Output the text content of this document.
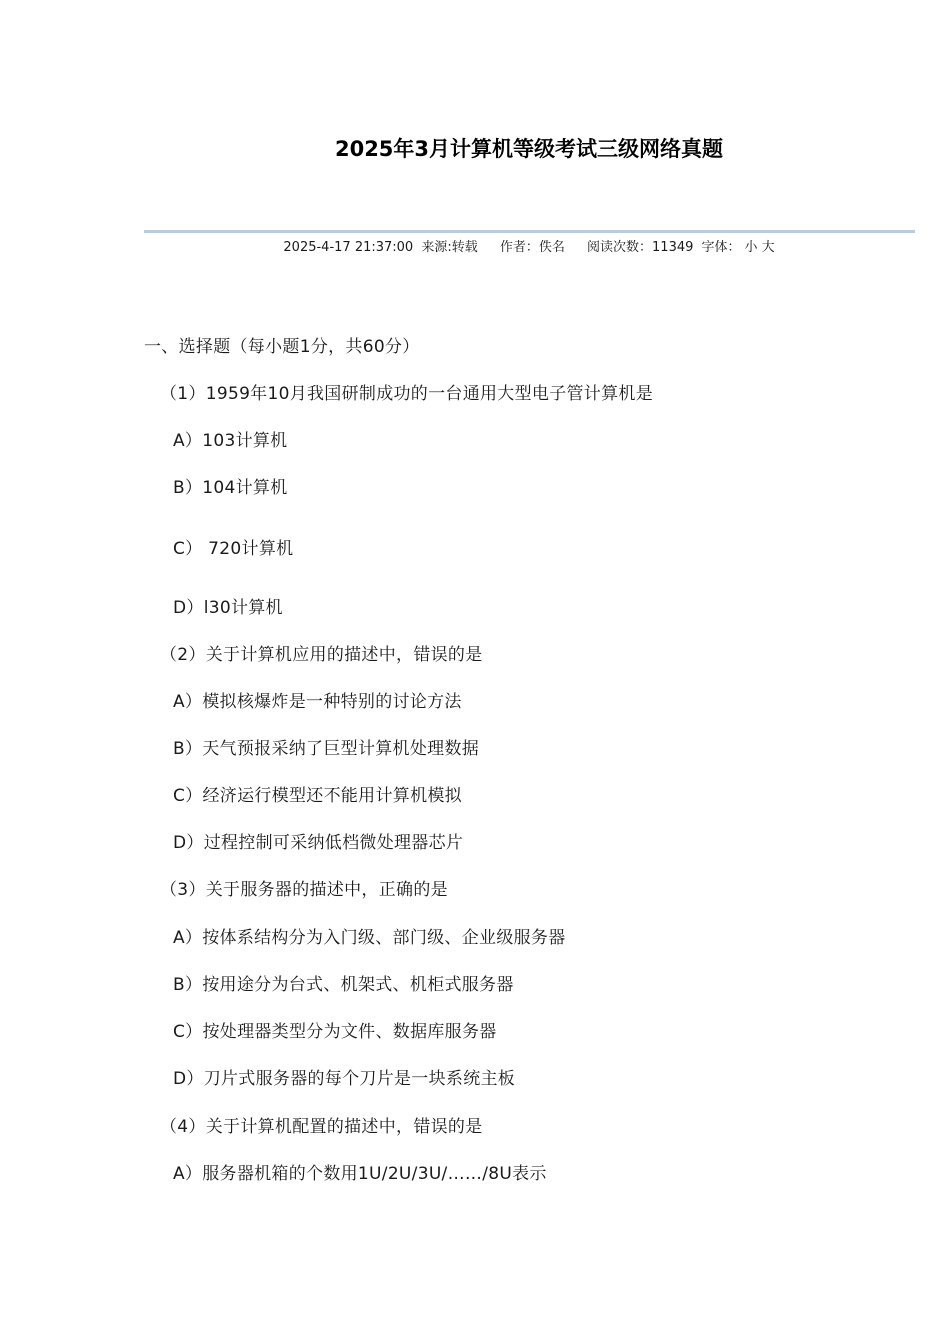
2025年3月计算机等级考试三级网络真题
2025-4-17 21:37:00 来源:转载 作者：佚名 阅读次数：11349 字体： 小 大
一、选择题（每小题1分，共60分）
（1）1959年10月我国研制成功的一台通用大型电子管计算机是
A）103计算机
B）104计算机
C） 720计算机
D）l30计算机
（2）关于计算机应用的描述中，错误的是
A）模拟核爆炸是一种特别的讨论方法
B）天气预报采纳了巨型计算机处理数据
C）经济运行模型还不能用计算机模拟
D）过程控制可采纳低档微处理器芯片
（3）关于服务器的描述中，正确的是
A）按体系结构分为入门级、部门级、企业级服务器
B）按用途分为台式、机架式、机柜式服务器
C）按处理器类型分为文件、数据库服务器
D）刀片式服务器的每个刀片是一块系统主板
（4）关于计算机配置的描述中，错误的是
A）服务器机箱的个数用1U/2U/3U/……/8U表示
